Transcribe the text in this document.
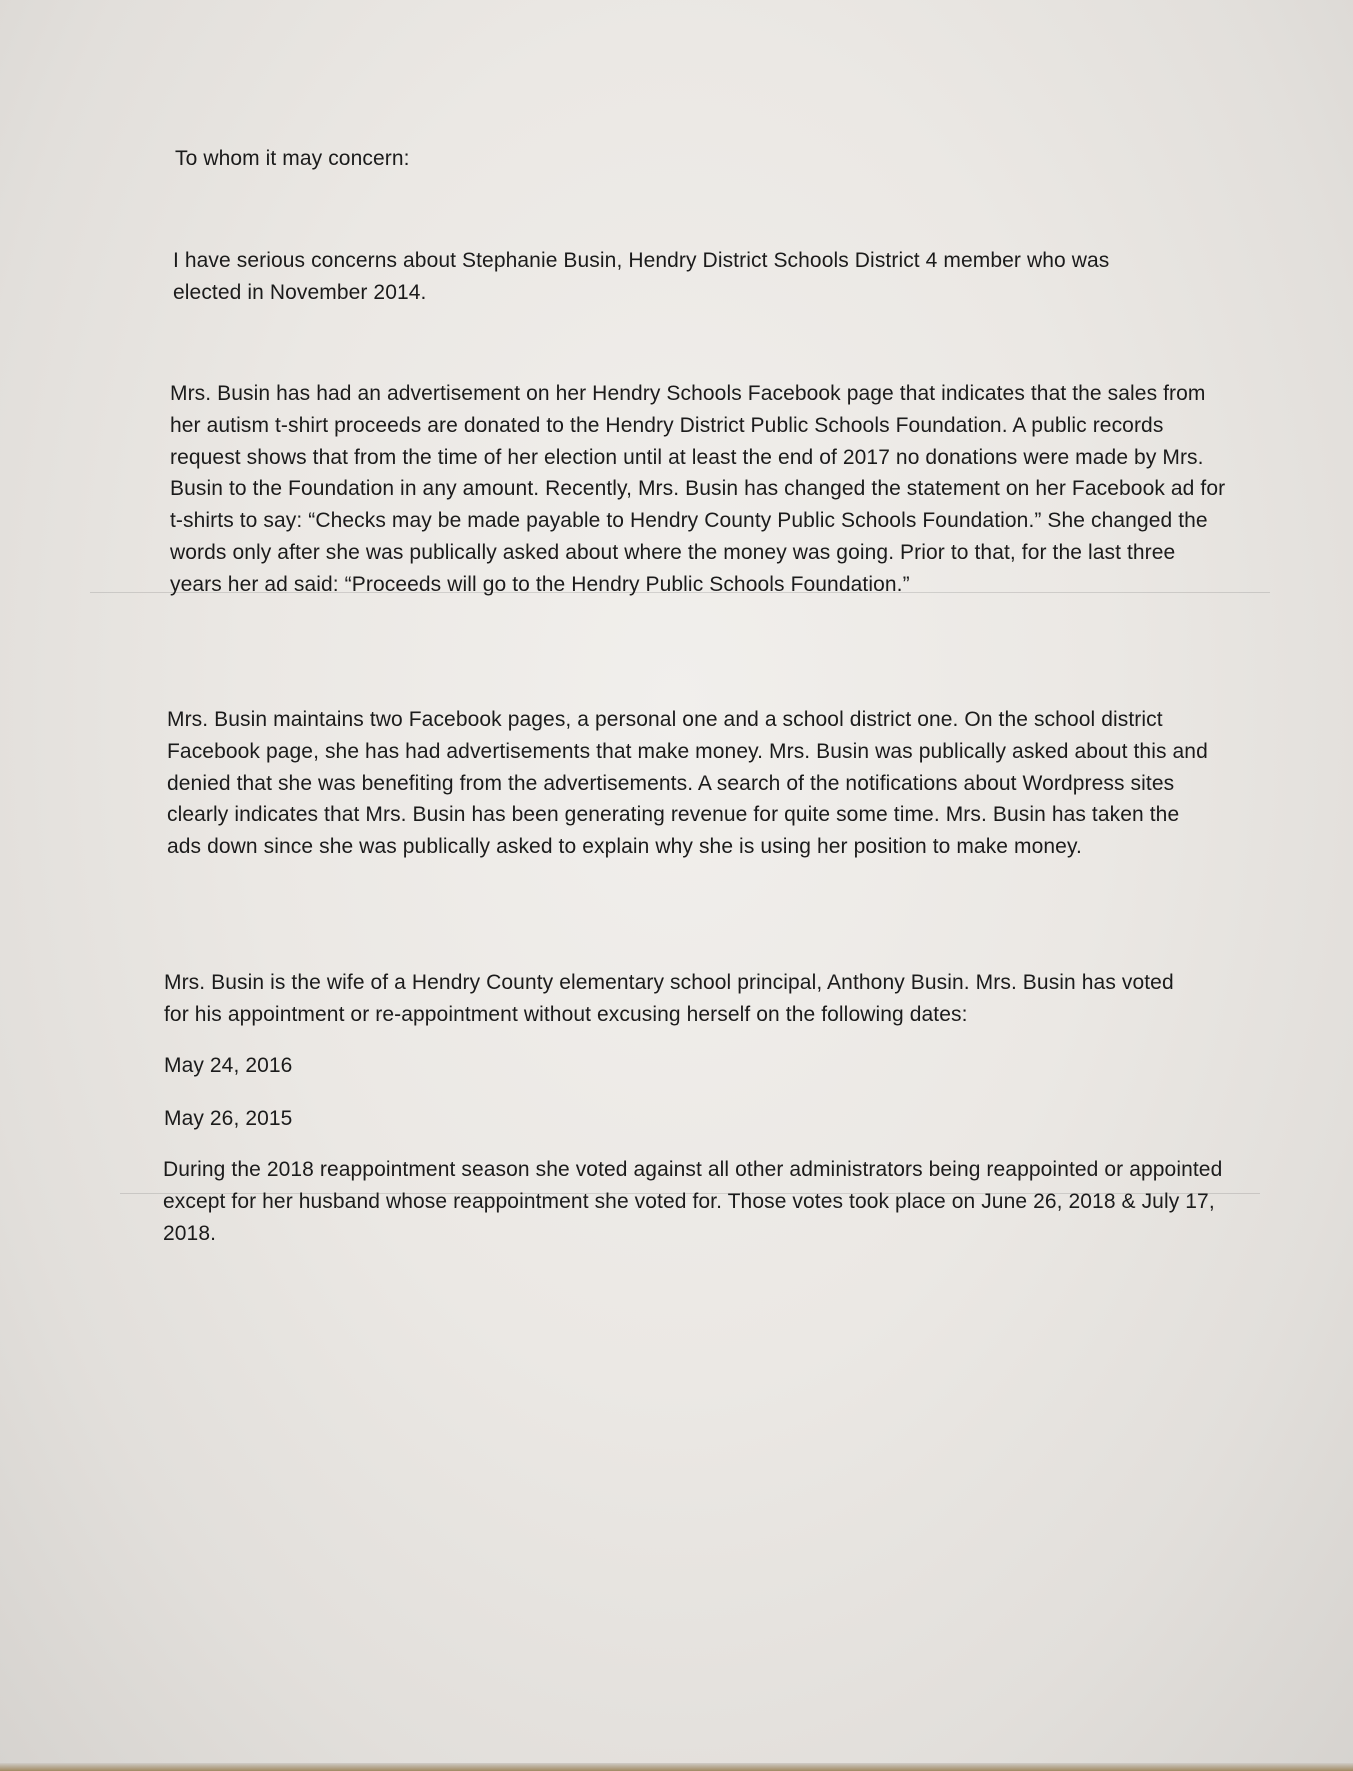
To whom it may concern:

I have serious concerns about Stephanie Busin, Hendry District Schools District 4 member who was elected in November 2014.

Mrs. Busin has had an advertisement on her Hendry Schools Facebook page that indicates that the sales from her autism t-shirt proceeds are donated to the Hendry District Public Schools Foundation. A public records request shows that from the time of her election until at least the end of 2017 no donations were made by Mrs. Busin to the Foundation in any amount. Recently, Mrs. Busin has changed the statement on her Facebook ad for t-shirts to say: “Checks may be made payable to Hendry County Public Schools Foundation.” She changed the words only after she was publically asked about where the money was going. Prior to that, for the last three years her ad said: “Proceeds will go to the Hendry Public Schools Foundation.”

Mrs. Busin maintains two Facebook pages, a personal one and a school district one. On the school district Facebook page, she has had advertisements that make money. Mrs. Busin was publically asked about this and denied that she was benefiting from the advertisements. A search of the notifications about Wordpress sites clearly indicates that Mrs. Busin has been generating revenue for quite some time. Mrs. Busin has taken the ads down since she was publically asked to explain why she is using her position to make money.

Mrs. Busin is the wife of a Hendry County elementary school principal, Anthony Busin. Mrs. Busin has voted for his appointment or re-appointment without excusing herself on the following dates:

May 24, 2016

May 26, 2015

During the 2018 reappointment season she voted against all other administrators being reappointed or appointed except for her husband whose reappointment she voted for. Those votes took place on June 26, 2018 & July 17, 2018.
